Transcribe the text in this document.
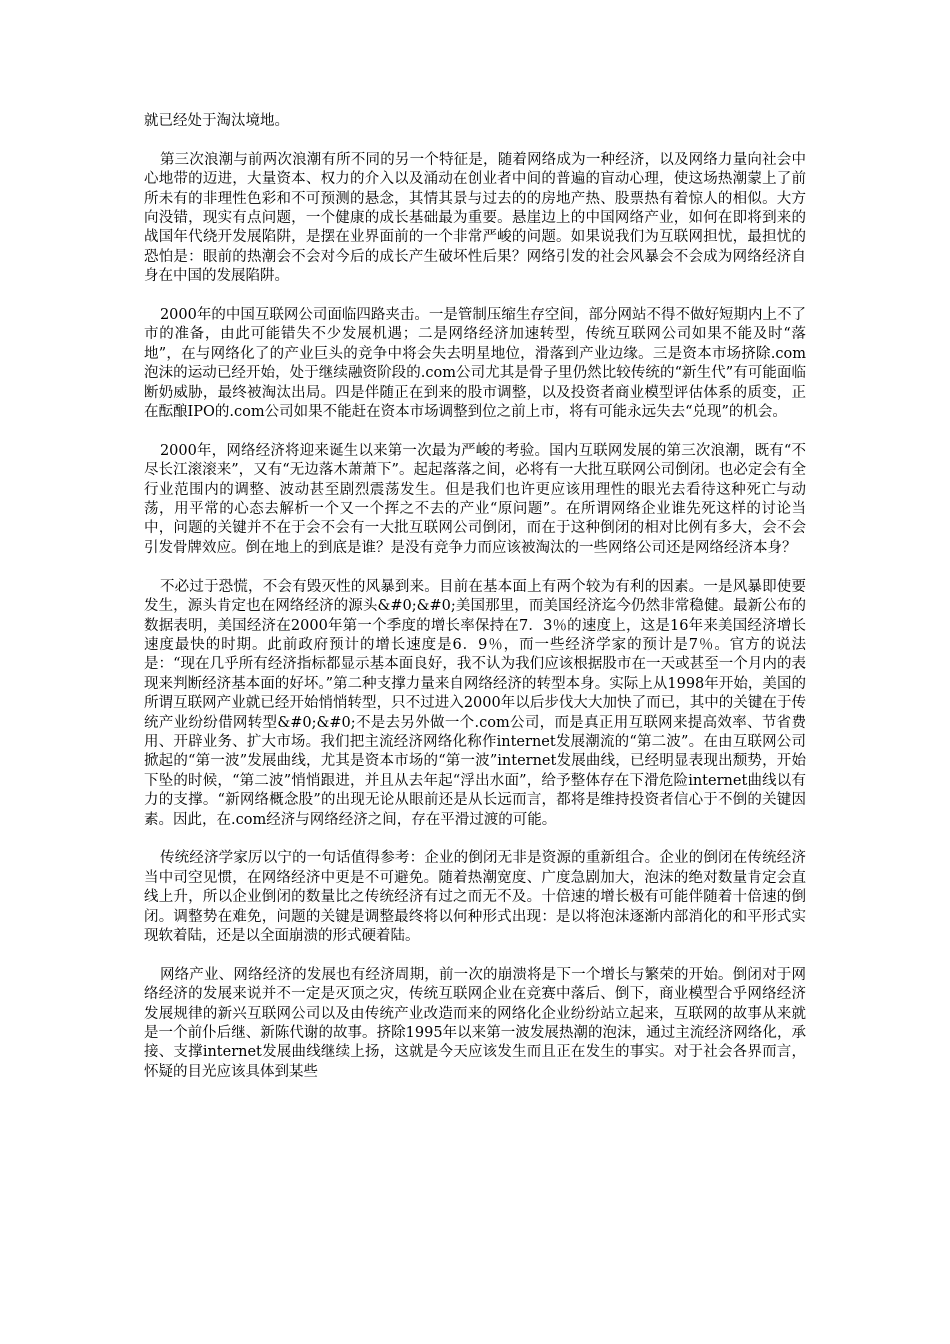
就已经处于淘汰境地。

第三次浪潮与前两次浪潮有所不同的另一个特征是，随着网络成为一种经济，以及网络力量向社会中心地带的迈进，大量资本、权力的介入以及涌动在创业者中间的普遍的盲动心理，使这场热潮蒙上了前所未有的非理性色彩和不可预测的悬念，其情其景与过去的的房地产热、股票热有着惊人的相似。大方向没错，现实有点问题，一个健康的成长基础最为重要。悬崖边上的中国网络产业，如何在即将到来的战国年代绕开发展陷阱，是摆在业界面前的一个非常严峻的问题。如果说我们为互联网担忧，最担忧的恐怕是：眼前的热潮会不会对今后的成长产生破坏性后果？网络引发的社会风暴会不会成为网络经济自身在中国的发展陷阱。

2000年的中国互联网公司面临四路夹击。一是管制压缩生存空间，部分网站不得不做好短期内上不了市的准备，由此可能错失不少发展机遇；二是网络经济加速转型，传统互联网公司如果不能及时“落地”，在与网络化了的产业巨头的竞争中将会失去明星地位，滑落到产业边缘。三是资本市场挤除.com泡沫的运动已经开始，处于继续融资阶段的.com公司尤其是骨子里仍然比较传统的“新生代”有可能面临断奶威胁，最终被淘汰出局。四是伴随正在到来的股市调整，以及投资者商业模型评估体系的质变，正在酝酿IPO的.com公司如果不能赶在资本市场调整到位之前上市，将有可能永远失去“兑现”的机会。

2000年，网络经济将迎来诞生以来第一次最为严峻的考验。国内互联网发展的第三次浪潮，既有“不尽长江滚滚来”，又有“无边落木萧萧下”。起起落落之间，必将有一大批互联网公司倒闭。也必定会有全行业范围内的调整、波动甚至剧烈震荡发生。但是我们也许更应该用理性的眼光去看待这种死亡与动荡，用平常的心态去解析一个又一个挥之不去的产业“原问题”。在所谓网络企业谁先死这样的讨论当中，问题的关键并不在于会不会有一大批互联网公司倒闭，而在于这种倒闭的相对比例有多大，会不会引发骨牌效应。倒在地上的到底是谁？是没有竞争力而应该被淘汰的一些网络公司还是网络经济本身？

不必过于恐慌，不会有毁灭性的风暴到来。目前在基本面上有两个较为有利的因素。一是风暴即使要发生，源头肯定也在网络经济的源头&#0;&#0;美国那里，而美国经济迄今仍然非常稳健。最新公布的数据表明，美国经济在2000年第一个季度的增长率保持在7．3％的速度上，这是16年来美国经济增长速度最快的时期。此前政府预计的增长速度是6．9％，而一些经济学家的预计是7％。官方的说法是：“现在几乎所有经济指标都显示基本面良好，我不认为我们应该根据股市在一天或甚至一个月内的表现来判断经济基本面的好坏。”第二种支撑力量来自网络经济的转型本身。实际上从1998年开始，美国的所谓互联网产业就已经开始悄悄转型，只不过进入2000年以后步伐大大加快了而已，其中的关键在于传统产业纷纷借网转型&#0;&#0;不是去另外做一个.com公司，而是真正用互联网来提高效率、节省费用、开辟业务、扩大市场。我们把主流经济网络化称作internet发展潮流的“第二波”。在由互联网公司掀起的“第一波”发展曲线，尤其是资本市场的“第一波”internet发展曲线，已经明显表现出颓势，开始下坠的时候，“第二波”悄悄跟进，并且从去年起“浮出水面”，给予整体存在下滑危险internet曲线以有力的支撑。“新网络概念股”的出现无论从眼前还是从长远而言，都将是维持投资者信心于不倒的关键因素。因此，在.com经济与网络经济之间，存在平滑过渡的可能。

传统经济学家厉以宁的一句话值得参考：企业的倒闭无非是资源的重新组合。企业的倒闭在传统经济当中司空见惯，在网络经济中更是不可避免。随着热潮宽度、广度急剧加大，泡沫的绝对数量肯定会直线上升，所以企业倒闭的数量比之传统经济有过之而无不及。十倍速的增长极有可能伴随着十倍速的倒闭。调整势在难免，问题的关键是调整最终将以何种形式出现：是以将泡沫逐渐内部消化的和平形式实现软着陆，还是以全面崩溃的形式硬着陆。

网络产业、网络经济的发展也有经济周期，前一次的崩溃将是下一个增长与繁荣的开始。倒闭对于网络经济的发展来说并不一定是灭顶之灾，传统互联网企业在竞赛中落后、倒下，商业模型合乎网络经济发展规律的新兴互联网公司以及由传统产业改造而来的网络化企业纷纷站立起来，互联网的故事从来就是一个前仆后继、新陈代谢的故事。挤除1995年以来第一波发展热潮的泡沫，通过主流经济网络化，承接、支撑internet发展曲线继续上扬，这就是今天应该发生而且正在发生的事实。对于社会各界而言，怀疑的目光应该具体到某些
